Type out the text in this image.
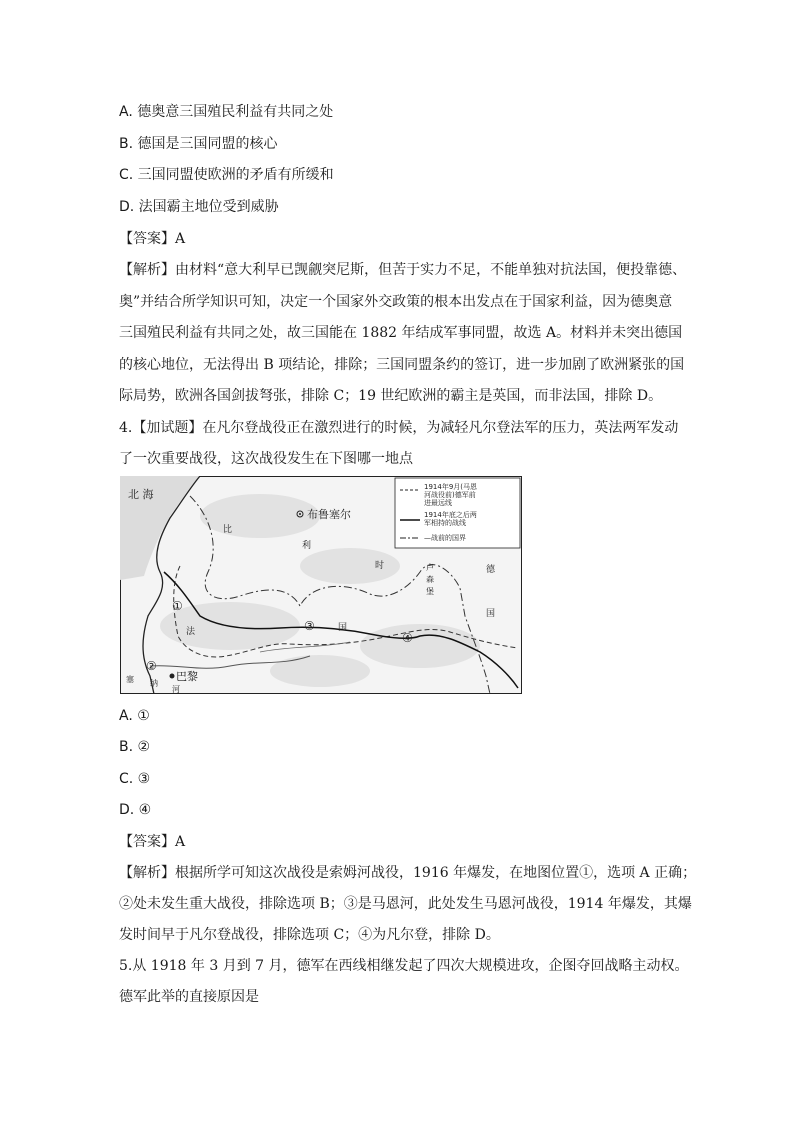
A. 德奥意三国殖民利益有共同之处
B. 德国是三国同盟的核心
C. 三国同盟使欧洲的矛盾有所缓和
D. 法国霸主地位受到威胁
【答案】A
【解析】由材料“意大利早已觊觎突尼斯，但苦于实力不足，不能单独对抗法国，便投靠德、
奥”并结合所学知识可知，决定一个国家外交政策的根本出发点在于国家利益，因为德奥意
三国殖民利益有共同之处，故三国能在 1882 年结成军事同盟，故选 A。材料并未突出德国
的核心地位，无法得出 B 项结论，排除；三国同盟条约的签订，进一步加剧了欧洲紧张的国
际局势，欧洲各国剑拔弩张，排除 C；19 世纪欧洲的霸主是英国，而非法国，排除 D。
4.【加试题】在凡尔登战役正在激烈进行的时候，为减轻凡尔登法军的压力，英法两军发动
了一次重要战役，这次战役发生在下图哪一地点
1914年9月(马恩
河战役前)德军前
进最远线
1914年底之后两
军相持的战线
—战前的国界
北 海
布鲁塞尔
比
利
时	卢
森
堡
德
国
法	国
巴黎
塞 纳
河
①
②
③
④
A. ①
B. ②
C. ③
D. ④
【答案】A
【解析】根据所学可知这次战役是索姆河战役，1916 年爆发，在地图位置①，选项 A 正确；
②处未发生重大战役，排除选项 B；③是马恩河，此处发生马恩河战役，1914 年爆发，其爆
发时间早于凡尔登战役，排除选项 C；④为凡尔登，排除 D。
5.从 1918 年 3 月到 7 月，德军在西线相继发起了四次大规模进攻，企图夺回战略主动权。
德军此举的直接原因是
